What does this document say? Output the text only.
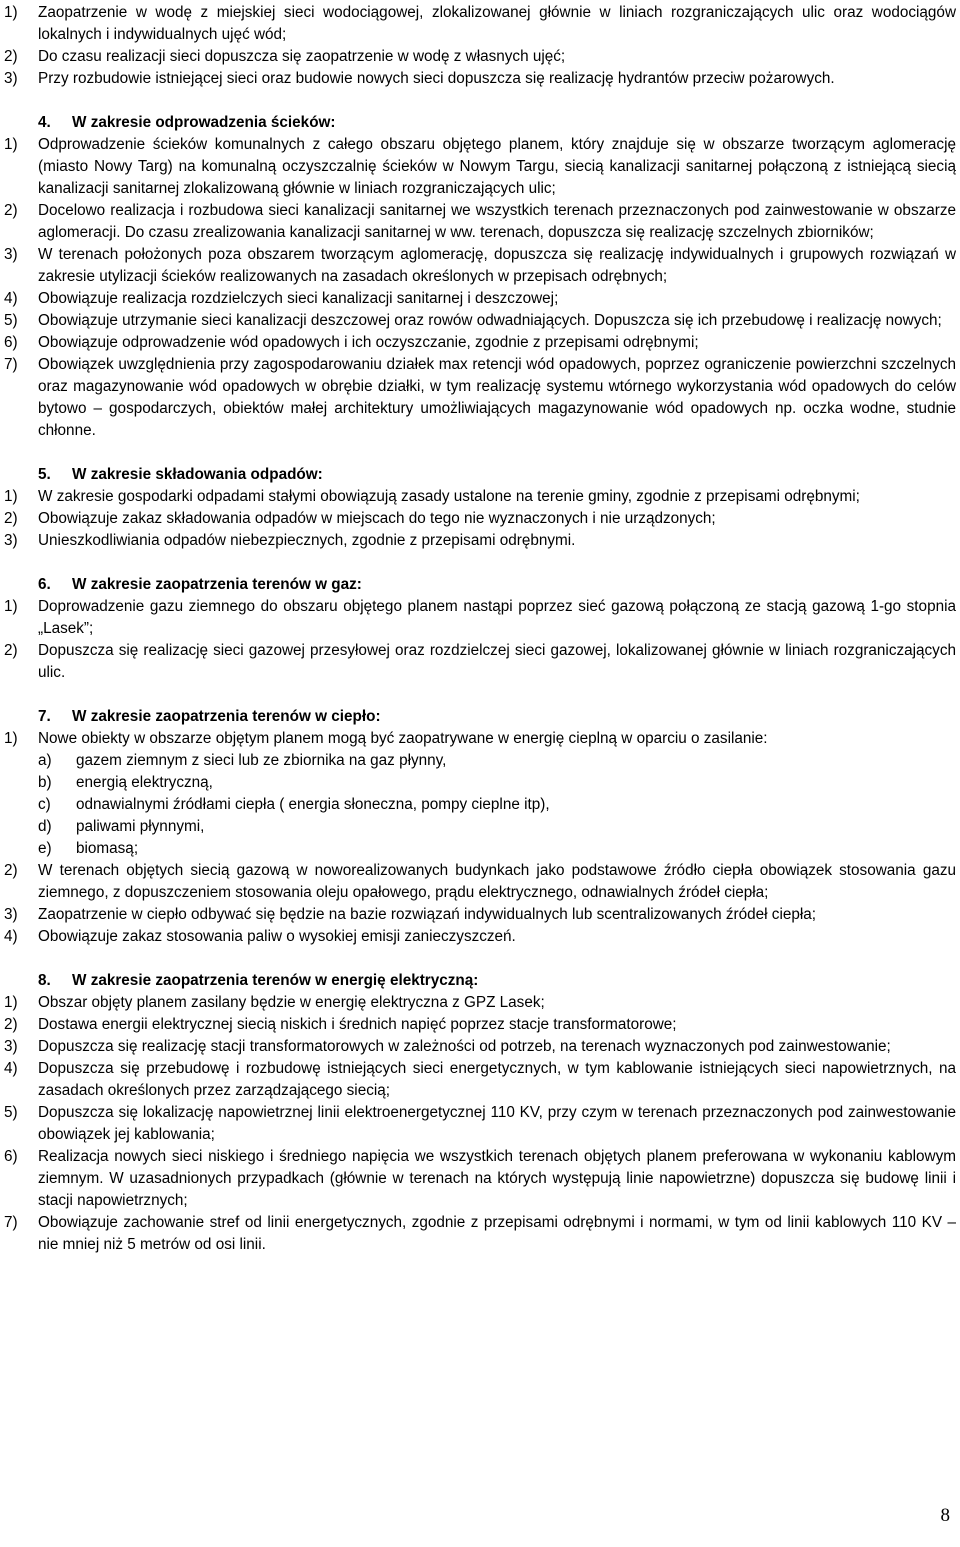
1)	Zaopatrzenie w wodę z miejskiej sieci wodociągowej, zlokalizowanej głównie w liniach rozgraniczających ulic oraz wodociągów lokalnych i indywidualnych ujęć wód;
2)	Do czasu realizacji sieci dopuszcza się zaopatrzenie w wodę z własnych ujęć;
3)	Przy rozbudowie istniejącej sieci oraz budowie nowych sieci dopuszcza się realizację hydrantów przeciw pożarowych.
4. W zakresie odprowadzenia ścieków:
1)	Odprowadzenie ścieków komunalnych z całego obszaru objętego planem, który znajduje się w obszarze tworzącym aglomerację (miasto Nowy Targ) na komunalną oczyszczalnię ścieków w Nowym Targu, siecią kanalizacji sanitarnej połączoną z istniejącą siecią kanalizacji sanitarnej zlokalizowaną głównie w liniach rozgraniczających ulic;
2)	Docelowo realizacja i rozbudowa sieci kanalizacji sanitarnej we wszystkich terenach przeznaczonych pod zainwestowanie w obszarze aglomeracji. Do czasu zrealizowania kanalizacji sanitarnej w ww. terenach, dopuszcza się realizację szczelnych zbiorników;
3)	W terenach położonych poza obszarem tworzącym aglomerację, dopuszcza się realizację indywidualnych i grupowych rozwiązań w zakresie utylizacji ścieków realizowanych na zasadach określonych w przepisach odrębnych;
4)	Obowiązuje realizacja rozdzielczych sieci kanalizacji sanitarnej i deszczowej;
5)	Obowiązuje utrzymanie sieci kanalizacji deszczowej oraz rowów odwadniających. Dopuszcza się ich przebudowę i realizację nowych;
6)	Obowiązuje odprowadzenie wód opadowych i ich oczyszczanie, zgodnie z przepisami odrębnymi;
7)	Obowiązek uwzględnienia przy zagospodarowaniu działek max retencji wód opadowych, poprzez ograniczenie powierzchni szczelnych oraz magazynowanie wód opadowych w obrębie działki, w tym realizację systemu wtórnego wykorzystania wód opadowych do celów bytowo – gospodarczych, obiektów małej architektury umożliwiających magazynowanie wód opadowych np. oczka wodne, studnie chłonne.
5. W zakresie składowania odpadów:
1)	W zakresie gospodarki odpadami stałymi obowiązują zasady ustalone na terenie gminy, zgodnie z przepisami odrębnymi;
2)	Obowiązuje zakaz składowania odpadów w miejscach do tego nie wyznaczonych i nie urządzonych;
3)	Unieszkodliwiania odpadów niebezpiecznych, zgodnie z przepisami odrębnymi.
6. W zakresie zaopatrzenia terenów w gaz:
1)	Doprowadzenie gazu ziemnego do obszaru objętego planem nastąpi poprzez sieć gazową połączoną ze stacją gazową 1-go stopnia „Lasek”;
2)	Dopuszcza się realizację sieci gazowej przesyłowej oraz rozdzielczej sieci gazowej, lokalizowanej głównie w liniach rozgraniczających ulic.
7. W zakresie zaopatrzenia terenów w ciepło:
1)	Nowe obiekty w obszarze objętym planem mogą być zaopatrywane w energię cieplną w oparciu o zasilanie:
a)	gazem ziemnym z sieci lub ze zbiornika na gaz płynny,
b)	energią elektryczną,
c)	odnawialnymi źródłami ciepła ( energia słoneczna, pompy cieplne itp),
d)	paliwami płynnymi,
e)	biomasą;
2)	W terenach objętych siecią gazową w noworealizowanych budynkach jako podstawowe źródło ciepła obowiązek stosowania gazu ziemnego, z dopuszczeniem stosowania oleju opałowego, prądu elektrycznego, odnawialnych źródeł ciepła;
3)	Zaopatrzenie w ciepło odbywać się będzie na bazie rozwiązań indywidualnych lub scentralizowanych źródeł ciepła;
4)	Obowiązuje zakaz stosowania paliw o wysokiej emisji zanieczyszczeń.
8. W zakresie zaopatrzenia terenów w energię elektryczną:
1)	Obszar objęty planem zasilany będzie w energię elektryczna z GPZ Lasek;
2)	Dostawa energii elektrycznej siecią niskich i średnich napięć poprzez stacje transformatorowe;
3)	Dopuszcza się realizację stacji transformatorowych w zależności od potrzeb, na terenach wyznaczonych pod zainwestowanie;
4)	Dopuszcza się przebudowę i rozbudowę istniejących sieci energetycznych, w tym kablowanie istniejących sieci napowietrznych, na zasadach określonych przez zarządzającego siecią;
5)	Dopuszcza się lokalizację napowietrznej linii elektroenergetycznej 110 KV, przy czym w terenach przeznaczonych pod zainwestowanie obowiązek jej kablowania;
6)	Realizacja nowych sieci niskiego i średniego napięcia we wszystkich terenach objętych planem preferowana w wykonaniu kablowym ziemnym. W uzasadnionych przypadkach (głównie w terenach na których występują linie napowietrzne) dopuszcza się budowę linii i stacji napowietrznych;
7)	Obowiązuje zachowanie stref od linii energetycznych, zgodnie z przepisami odrębnymi i normami, w tym od linii kablowych 110 KV – nie mniej niż 5 metrów od osi linii.
8
